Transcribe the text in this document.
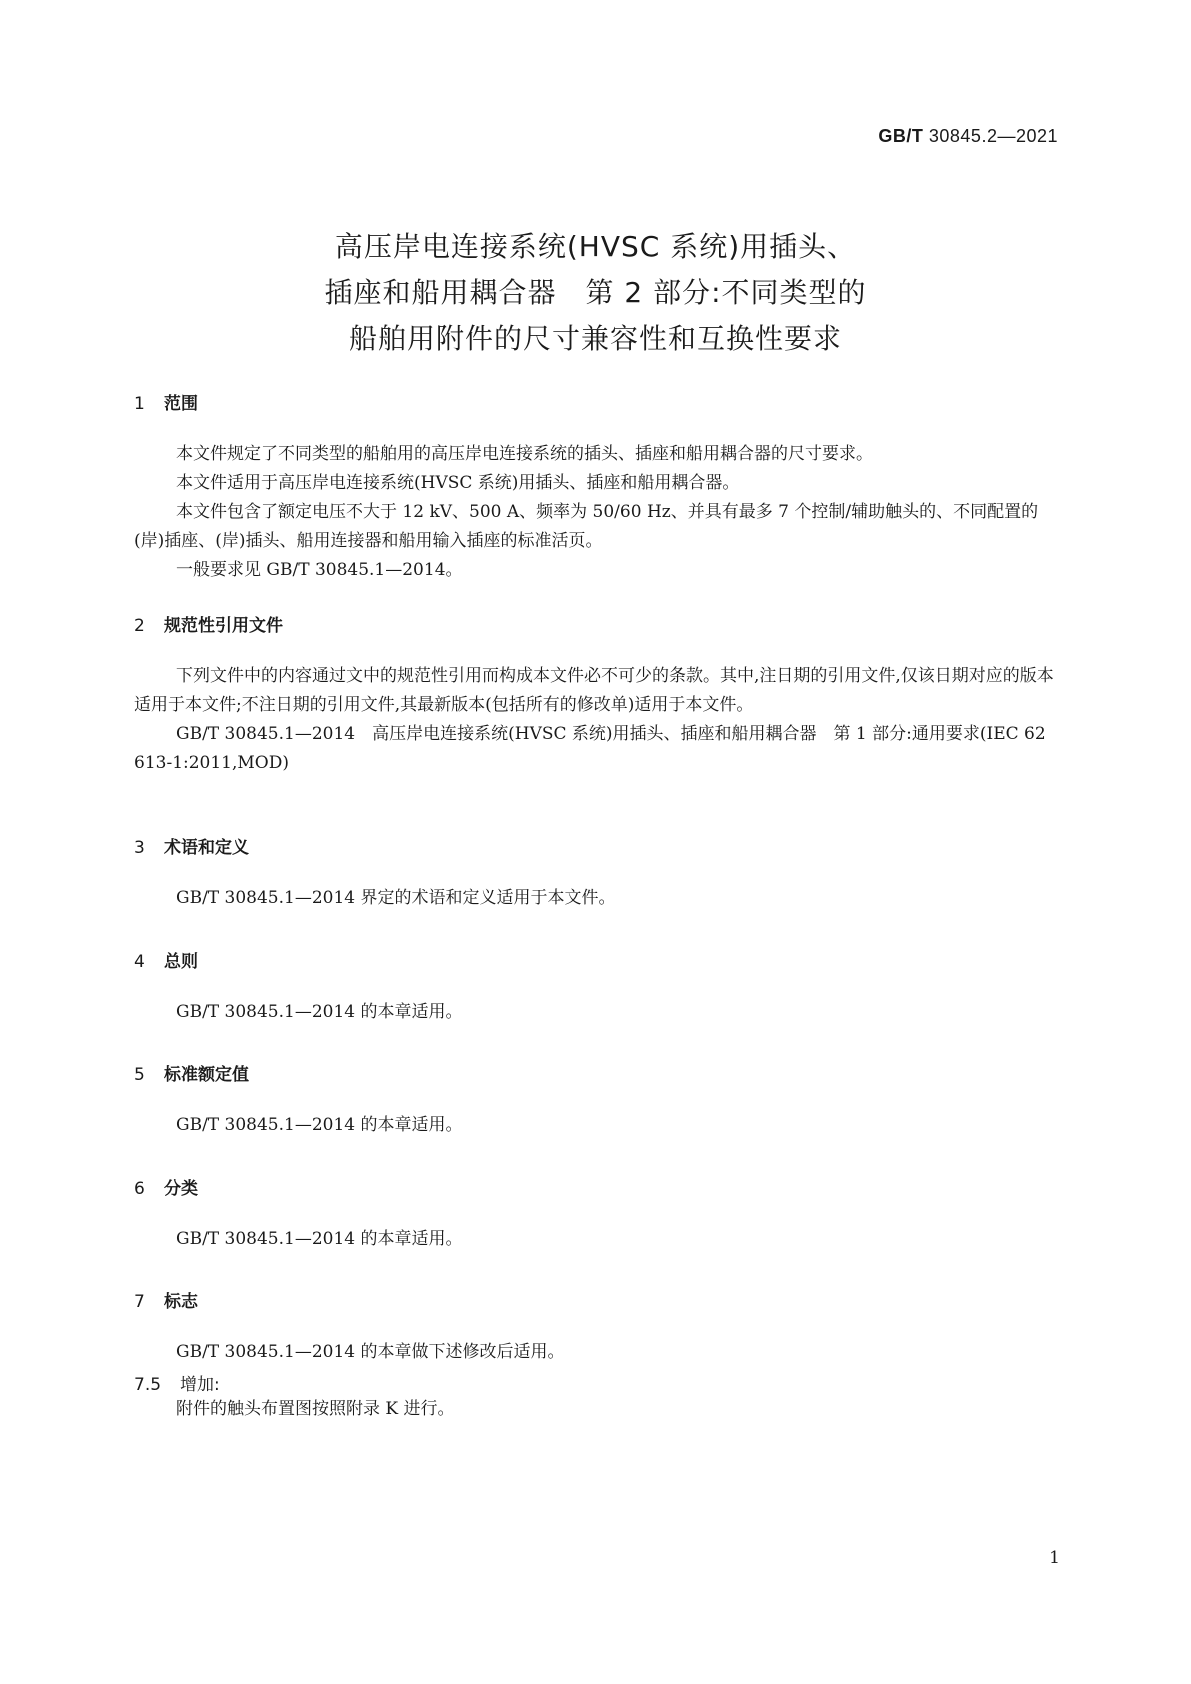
GB/T 30845.2—2021
高压岸电连接系统(HVSC 系统)用插头、
插座和船用耦合器　第 2 部分:不同类型的
船舶用附件的尺寸兼容性和互换性要求
1 范围

本文件规定了不同类型的船舶用的高压岸电连接系统的插头、插座和船用耦合器的尺寸要求。

本文件适用于高压岸电连接系统(HVSC 系统)用插头、插座和船用耦合器。

本文件包含了额定电压不大于 12 kV、500 A、频率为 50/60 Hz、并具有最多 7 个控制/辅助触头的、不同配置的(岸)插座、(岸)插头、船用连接器和船用输入插座的标准活页。

一般要求见 GB/T 30845.1—2014。

2 规范性引用文件

下列文件中的内容通过文中的规范性引用而构成本文件必不可少的条款。其中,注日期的引用文件,仅该日期对应的版本适用于本文件;不注日期的引用文件,其最新版本(包括所有的修改单)适用于本文件。

GB/T 30845.1—2014　高压岸电连接系统(HVSC 系统)用插头、插座和船用耦合器　第 1 部分:通用要求(IEC 62613-1:2011,MOD)

3 术语和定义

GB/T 30845.1—2014 界定的术语和定义适用于本文件。

4 总则

GB/T 30845.1—2014 的本章适用。

5 标准额定值

GB/T 30845.1—2014 的本章适用。

6 分类

GB/T 30845.1—2014 的本章适用。

7 标志

GB/T 30845.1—2014 的本章做下述修改后适用。

7.5 增加:

附件的触头布置图按照附录 K 进行。

1
